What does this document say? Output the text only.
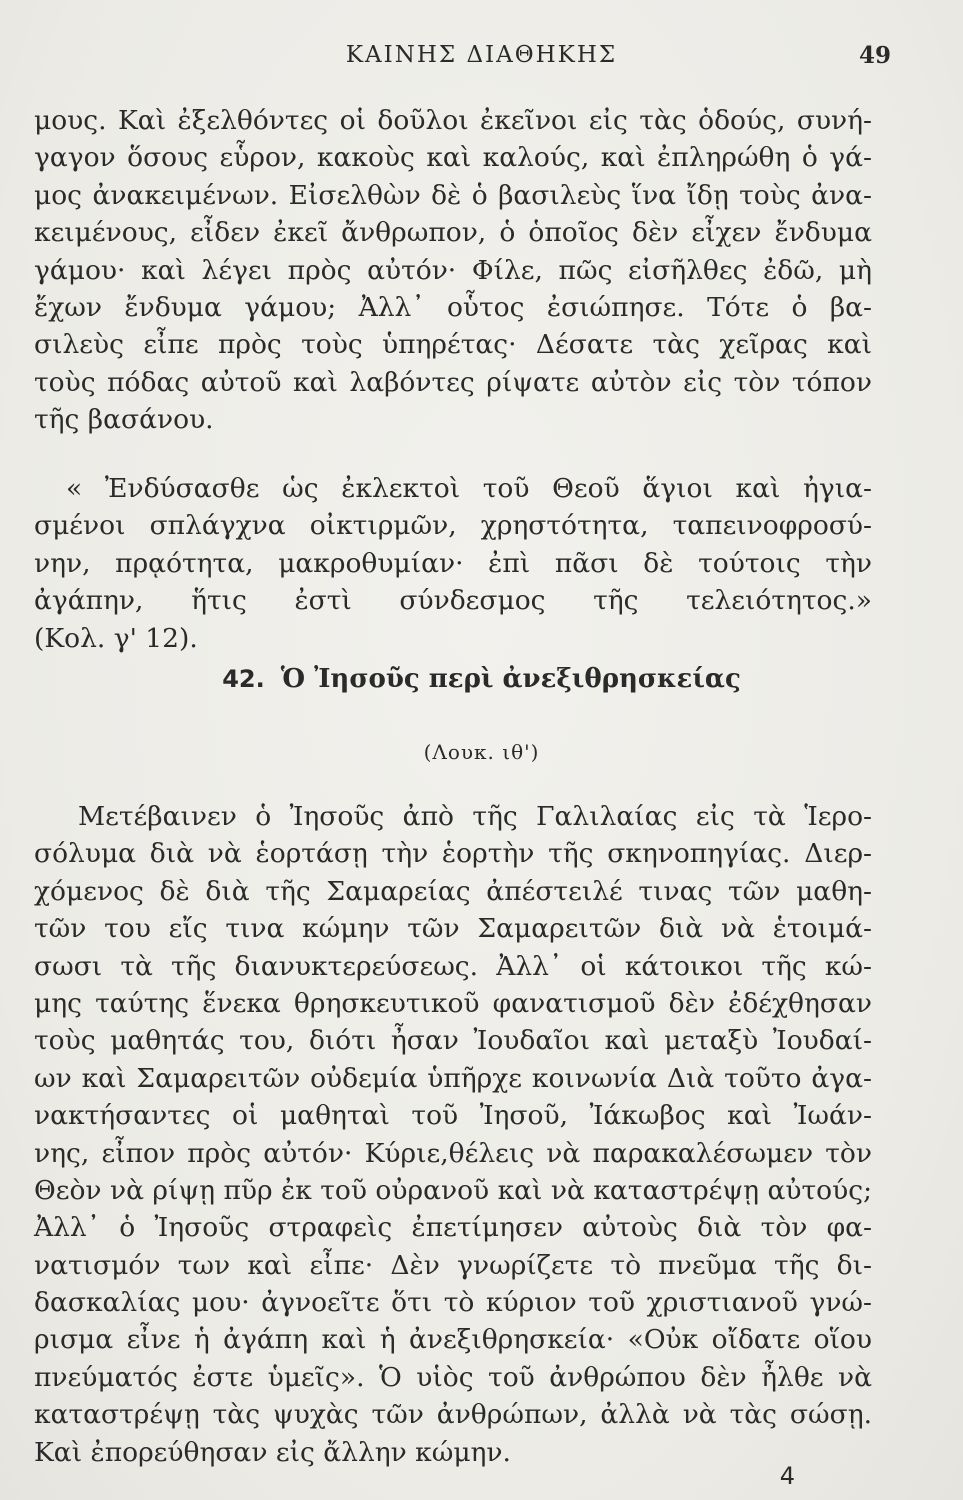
ΚΑΙΝΗΣ ΔΙΑΘΗΚΗΣ	49
μους. Καὶ ἐξελθόντες οἱ δοῦλοι ἐκεῖνοι εἰς τὰς ὁδούς, συνή-
γαγον ὅσους εὗρον, κακοὺς καὶ καλούς, καὶ ἐπληρώθη ὁ γά-
μος ἀνακειμένων. Εἰσελθὼν δὲ ὁ βασιλεὺς ἵνα ἴδῃ τοὺς ἀνα-
κειμένους, εἶδεν ἐκεῖ ἄνθρωπον, ὁ ὁποῖος δὲν εἶχεν ἔνδυμα
γάμου· καὶ λέγει πρὸς αὐτόν· Φίλε, πῶς εἰσῆλθες ἐδῶ, μὴ
ἔχων ἔνδυμα γάμου; Ἀλλ᾽ οὗτος ἐσιώπησε. Τότε ὁ βα-
σιλεὺς εἶπε πρὸς τοὺς ὑπηρέτας· Δέσατε τὰς χεῖρας καὶ
τοὺς πόδας αὐτοῦ καὶ λαβόντες ρίψατε αὐτὸν εἰς τὸν τόπον
τῆς βασάνου.
« Ἐνδύσασθε ὡς ἐκλεκτοὶ τοῦ Θεοῦ ἅγιοι καὶ ἠγια-
σμένοι σπλάγχνα οἰκτιρμῶν, χρηστότητα, ταπεινοφροσύ-
νην, πρᾳότητα, μακροθυμίαν· ἐπὶ πᾶσι δὲ τούτοις τὴν
ἀγάπην, ἥτις ἐστὶ σύνδεσμος τῆς τελειότητος.»
(Κολ. γ' 12).
42. Ὁ Ἰησοῦς περὶ ἀνεξιθρησκείας
(Λουκ. ιθ')
Μετέβαινεν ὁ Ἰησοῦς ἀπὸ τῆς Γαλιλαίας εἰς τὰ Ἱερο-
σόλυμα διὰ νὰ ἑορτάσῃ τὴν ἑορτὴν τῆς σκηνοπηγίας. Διερ-
χόμενος δὲ διὰ τῆς Σαμαρείας ἀπέστειλέ τινας τῶν μαθη-
τῶν του εἴς τινα κώμην τῶν Σαμαρειτῶν διὰ νὰ ἑτοιμά-
σωσι τὰ τῆς διανυκτερεύσεως. Ἀλλ᾽ οἱ κάτοικοι τῆς κώ-
μης ταύτης ἕνεκα θρησκευτικοῦ φανατισμοῦ δὲν ἐδέχθησαν
τοὺς μαθητάς του, διότι ἦσαν Ἰουδαῖοι καὶ μεταξὺ Ἰουδαί-
ων καὶ Σαμαρειτῶν οὐδεμία ὑπῆρχε κοινωνία Διὰ τοῦτο ἀγα-
νακτήσαντες οἱ μαθηταὶ τοῦ Ἰησοῦ, Ἰάκωβος καὶ Ἰωάν-
νης, εἶπον πρὸς αὐτόν· Κύριε,θέλεις νὰ παρακαλέσωμεν τὸν
Θεὸν νὰ ρίψῃ πῦρ ἐκ τοῦ οὐρανοῦ καὶ νὰ καταστρέψῃ αὐτούς;
Ἀλλ᾽ ὁ Ἰησοῦς στραφεὶς ἐπετίμησεν αὐτοὺς διὰ τὸν φα-
νατισμόν των καὶ εἶπε· Δὲν γνωρίζετε τὸ πνεῦμα τῆς δι-
δασκαλίας μου· ἀγνοεῖτε ὅτι τὸ κύριον τοῦ χριστιανοῦ γνώ-
ρισμα εἶνε ἡ ἀγάπη καὶ ἡ ἀνεξιθρησκεία· «Οὐκ οἴδατε οἵου
πνεύματός ἐστε ὑμεῖς». Ὁ υἱὸς τοῦ ἀνθρώπου δὲν ἦλθε νὰ
καταστρέψῃ τὰς ψυχὰς τῶν ἀνθρώπων, ἀλλὰ νὰ τὰς σώσῃ.
Καὶ ἐπορεύθησαν εἰς ἄλλην κώμην.
4
